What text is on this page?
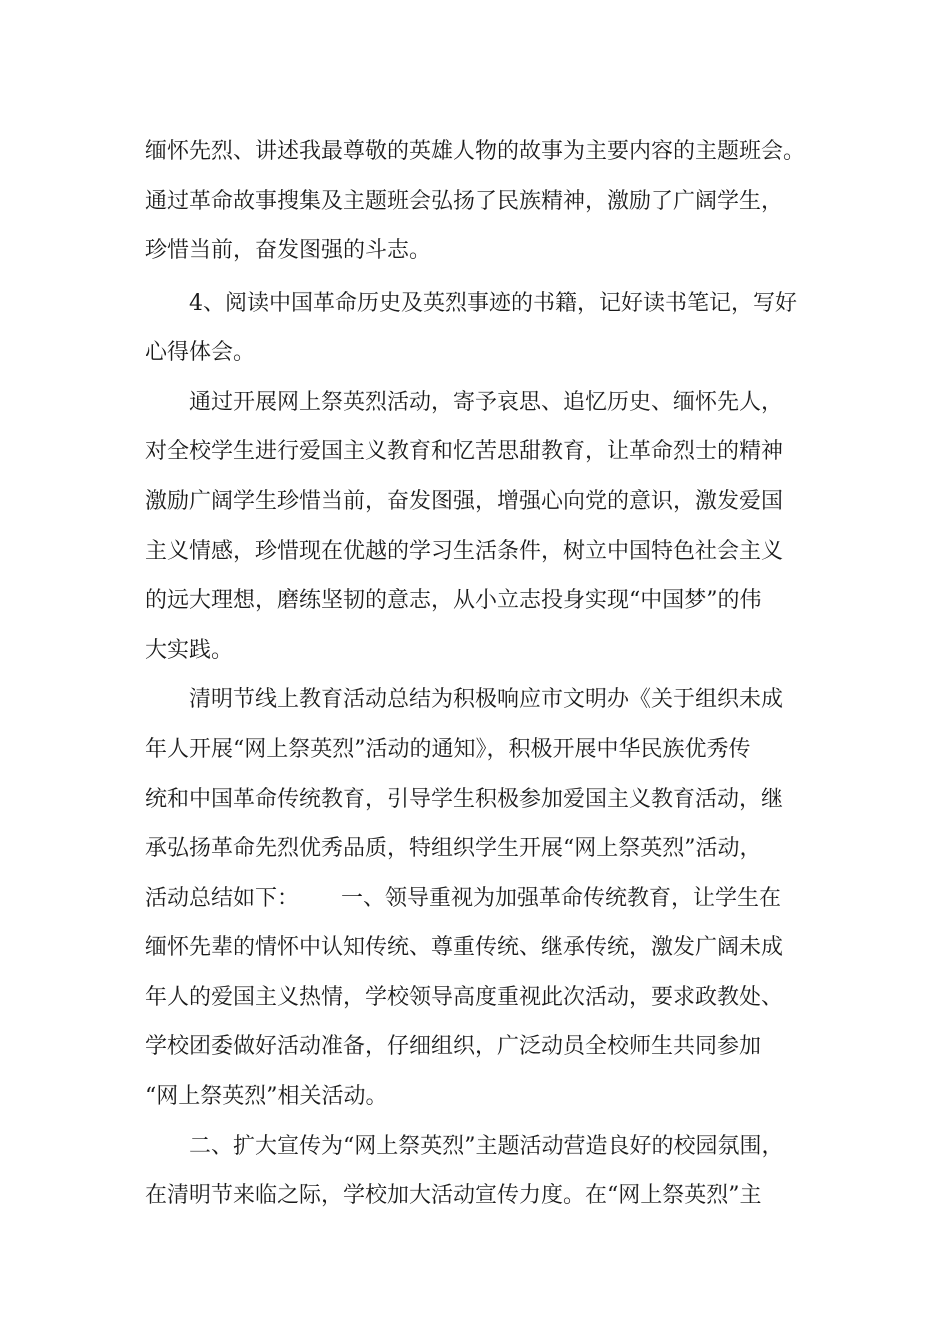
缅怀先烈、讲述我最尊敬的英雄人物的故事为主要内容的主题班会。
通过革命故事搜集及主题班会弘扬了民族精神，激励了广阔学生，
珍惜当前，奋发图强的斗志。
4、阅读中国革命历史及英烈事迹的书籍，记好读书笔记，写好
心得体会。
通过开展网上祭英烈活动，寄予哀思、追忆历史、缅怀先人，
对全校学生进行爱国主义教育和忆苦思甜教育，让革命烈士的精神
激励广阔学生珍惜当前，奋发图强，增强心向党的意识，激发爱国
主义情感，珍惜现在优越的学习生活条件，树立中国特色社会主义
的远大理想，磨练坚韧的意志，从小立志投身实现“中国梦”的伟
大实践。
清明节线上教育活动总结为积极响应市文明办《关于组织未成
年人开展“网上祭英烈”活动的通知》，积极开展中华民族优秀传
统和中国革命传统教育，引导学生积极参加爱国主义教育活动，继
承弘扬革命先烈优秀品质，特组织学生开展“网上祭英烈”活动，
活动总结如下：      一、领导重视为加强革命传统教育，让学生在
缅怀先辈的情怀中认知传统、尊重传统、继承传统，激发广阔未成
年人的爱国主义热情，学校领导高度重视此次活动，要求政教处、
学校团委做好活动准备，仔细组织，广泛动员全校师生共同参加
“网上祭英烈”相关活动。
二、扩大宣传为“网上祭英烈”主题活动营造良好的校园氛围，
在清明节来临之际，学校加大活动宣传力度。在“网上祭英烈”主
